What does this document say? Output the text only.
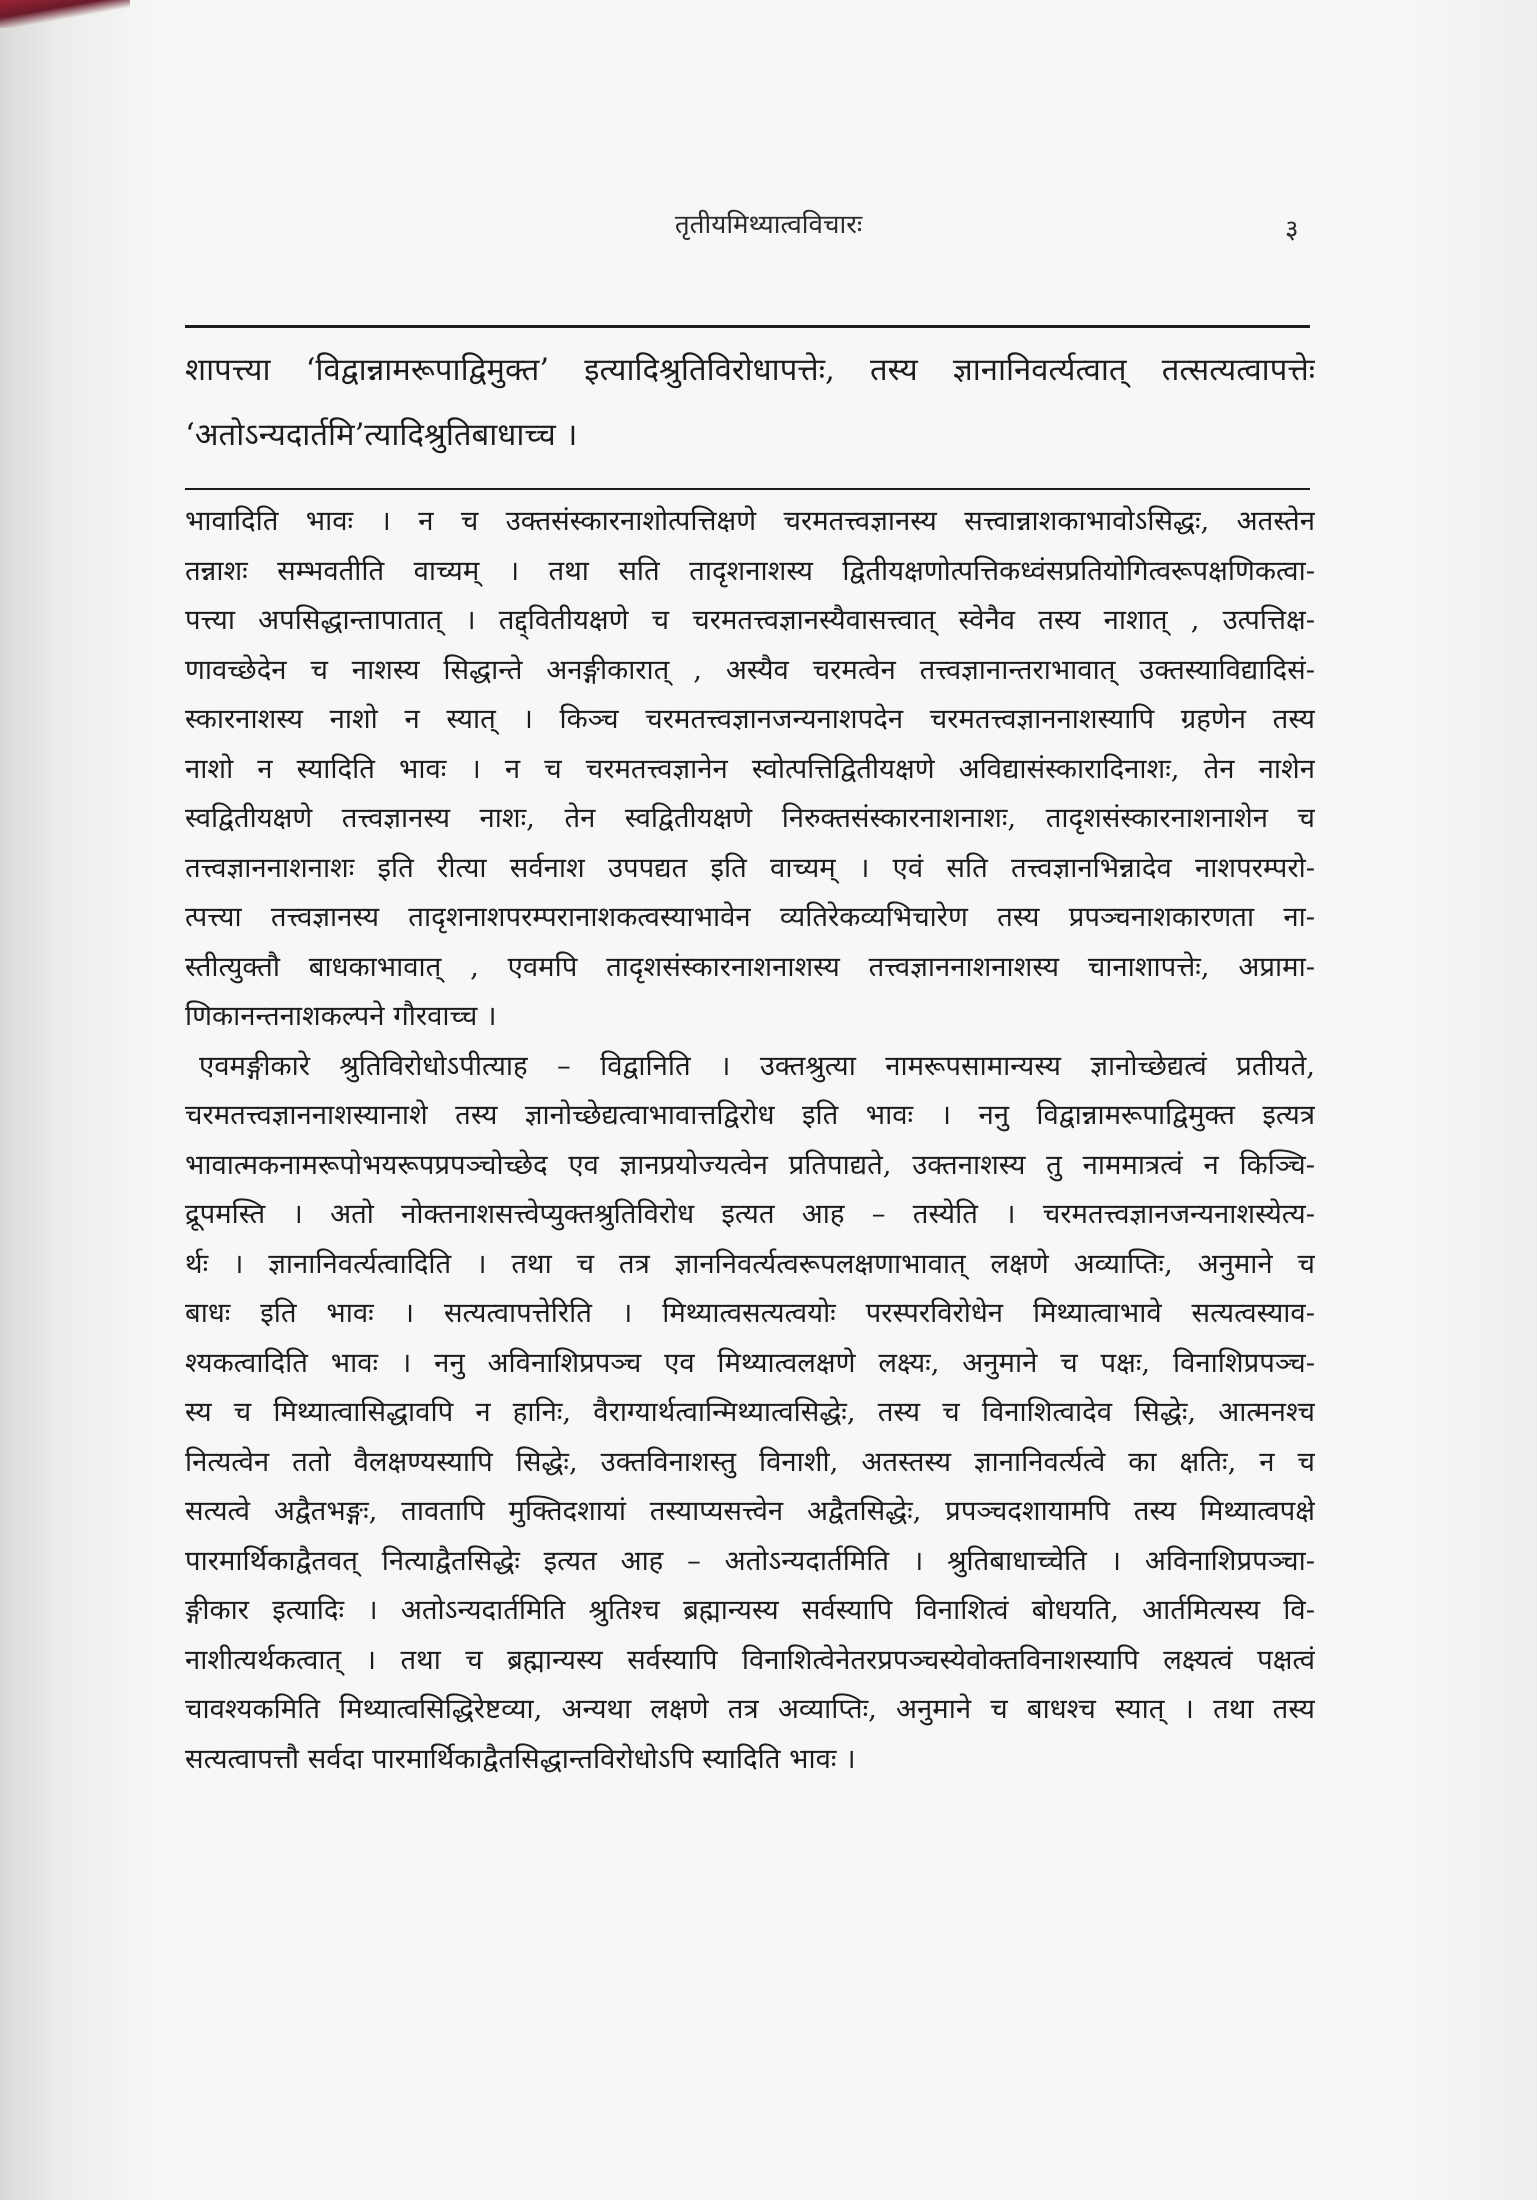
तृतीयमिथ्यात्वविचारः	३
शापत्त्या ‘विद्वान्नामरूपाद्विमुक्त’ इत्यादिश्रुतिविरोधापत्तेः, तस्य ज्ञानानिवर्त्यत्वात् तत्सत्यत्वापत्तेः
‘अतोऽन्यदार्तमि’त्यादिश्रुतिबाधाच्च ।
भावादिति भावः । न च उक्तसंस्कारनाशोत्पत्तिक्षणे चरमतत्त्वज्ञानस्य सत्त्वान्नाशकाभावोऽसिद्धः, अतस्तेन
तन्नाशः सम्भवतीति वाच्यम् । तथा सति तादृशनाशस्य द्वितीयक्षणोत्पत्तिकध्वंसप्रतियोगित्वरूपक्षणिकत्वा-
पत्त्या अपसिद्धान्तापातात् । तद्द्वितीयक्षणे च चरमतत्त्वज्ञानस्यैवासत्त्वात् स्वेनैव तस्य नाशात् , उत्पत्तिक्ष-
णावच्छेदेन च नाशस्य सिद्धान्ते अनङ्गीकारात् , अस्यैव चरमत्वेन तत्त्वज्ञानान्तराभावात् उक्तस्याविद्यादिसं-
स्कारनाशस्य नाशो न स्यात् । किञ्च चरमतत्त्वज्ञानजन्यनाशपदेन चरमतत्त्वज्ञाननाशस्यापि ग्रहणेन तस्य
नाशो न स्यादिति भावः । न च चरमतत्त्वज्ञानेन स्वोत्पत्तिद्वितीयक्षणे अविद्यासंस्कारादिनाशः, तेन नाशेन
स्वद्वितीयक्षणे तत्त्वज्ञानस्य नाशः, तेन स्वद्वितीयक्षणे निरुक्तसंस्कारनाशनाशः, तादृशसंस्कारनाशनाशेन च
तत्त्वज्ञाननाशनाशः इति रीत्या सर्वनाश उपपद्यत इति वाच्यम् । एवं सति तत्त्वज्ञानभिन्नादेव नाशपरम्परो-
त्पत्त्या तत्त्वज्ञानस्य तादृशनाशपरम्परानाशकत्वस्याभावेन व्यतिरेकव्यभिचारेण तस्य प्रपञ्चनाशकारणता ना-
स्तीत्युक्तौ बाधकाभावात् , एवमपि तादृशसंस्कारनाशनाशस्य तत्त्वज्ञाननाशनाशस्य चानाशापत्तेः, अप्रामा-
णिकानन्तनाशकल्पने गौरवाच्च ।
एवमङ्गीकारे श्रुतिविरोधोऽपीत्याह – विद्वानिति । उक्तश्रुत्या नामरूपसामान्यस्य ज्ञानोच्छेद्यत्वं प्रतीयते,
चरमतत्त्वज्ञाननाशस्यानाशे तस्य ज्ञानोच्छेद्यत्वाभावात्तद्विरोध इति भावः । ननु विद्वान्नामरूपाद्विमुक्त इत्यत्र
भावात्मकनामरूपोभयरूपप्रपञ्चोच्छेद एव ज्ञानप्रयोज्यत्वेन प्रतिपाद्यते, उक्तनाशस्य तु नाममात्रत्वं न किञ्चि-
द्रूपमस्ति । अतो नोक्तनाशसत्त्वेप्युक्तश्रुतिविरोध इत्यत आह – तस्येति । चरमतत्त्वज्ञानजन्यनाशस्येत्य-
र्थः । ज्ञानानिवर्त्यत्वादिति । तथा च तत्र ज्ञाननिवर्त्यत्वरूपलक्षणाभावात् लक्षणे अव्याप्तिः, अनुमाने च
बाधः इति भावः । सत्यत्वापत्तेरिति । मिथ्यात्वसत्यत्वयोः परस्परविरोधेन मिथ्यात्वाभावे सत्यत्वस्याव-
श्यकत्वादिति भावः । ननु अविनाशिप्रपञ्च एव मिथ्यात्वलक्षणे लक्ष्यः, अनुमाने च पक्षः, विनाशिप्रपञ्च-
स्य च मिथ्यात्वासिद्धावपि न हानिः, वैराग्यार्थत्वान्मिथ्यात्वसिद्धेः, तस्य च विनाशित्वादेव सिद्धेः, आत्मनश्च
नित्यत्वेन ततो वैलक्षण्यस्यापि सिद्धेः, उक्तविनाशस्तु विनाशी, अतस्तस्य ज्ञानानिवर्त्यत्वे का क्षतिः, न च
सत्यत्वे अद्वैतभङ्गः, तावतापि मुक्तिदशायां तस्याप्यसत्त्वेन अद्वैतसिद्धेः, प्रपञ्चदशायामपि तस्य मिथ्यात्वपक्षे
पारमार्थिकाद्वैतवत् नित्याद्वैतसिद्धेः इत्यत आह – अतोऽन्यदार्तमिति । श्रुतिबाधाच्चेति । अविनाशिप्रपञ्चा-
ङ्गीकार इत्यादिः । अतोऽन्यदार्तमिति श्रुतिश्च ब्रह्मान्यस्य सर्वस्यापि विनाशित्वं बोधयति, आर्तमित्यस्य वि-
नाशीत्यर्थकत्वात् । तथा च ब्रह्मान्यस्य सर्वस्यापि विनाशित्वेनेतरप्रपञ्चस्येवोक्तविनाशस्यापि लक्ष्यत्वं पक्षत्वं
चावश्यकमिति मिथ्यात्वसिद्धिरेष्टव्या, अन्यथा लक्षणे तत्र अव्याप्तिः, अनुमाने च बाधश्च स्यात् । तथा तस्य
सत्यत्वापत्तौ सर्वदा पारमार्थिकाद्वैतसिद्धान्तविरोधोऽपि स्यादिति भावः ।
